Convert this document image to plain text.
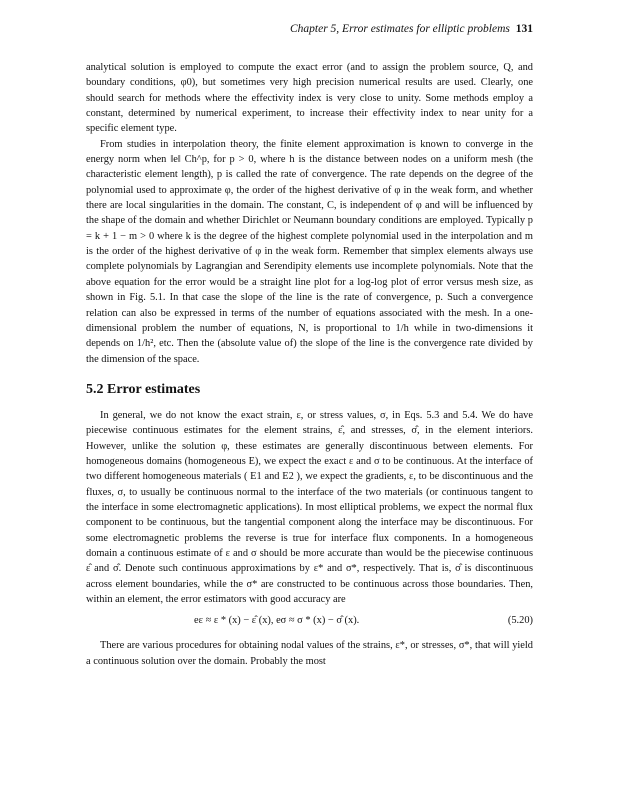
Chapter 5, Error estimates for elliptic problems 131

analytical solution is employed to compute the exact error (and to assign the problem source, Q, and boundary conditions, φ0), but sometimes very high precision numerical results are used. Clearly, one should search for methods where the effectivity index is very close to unity. Some methods employ a constant, determined by numerical experiment, to increase their effectivity index to near unity for a specific element type.

From studies in interpolation theory, the finite element approximation is known to converge in the energy norm when ‖e‖ Ch^p, for p > 0, where h is the distance between nodes on a uniform mesh (the characteristic element length), p is called the rate of convergence. The rate depends on the degree of the polynomial used to approximate φ, the order of the highest derivative of φ in the weak form, and whether there are local singularities in the domain. The constant, C, is independent of φ and will be influenced by the shape of the domain and whether Dirichlet or Neumann boundary conditions are employed. Typically p = k + 1 − m > 0 where k is the degree of the highest complete polynomial used in the interpolation and m is the order of the highest derivative of φ in the weak form. Remember that simplex elements always use complete polynomials by Lagrangian and Serendipity elements use incomplete polynomials. Note that the above equation for the error would be a straight line plot for a log-log plot of error versus mesh size, as shown in Fig. 5.1. In that case the slope of the line is the rate of convergence, p. Such a convergence relation can also be expressed in terms of the number of equations associated with the mesh. In a one-dimensional problem the number of equations, N, is proportional to 1/h while in two-dimensions it depends on 1/h², etc. Then the (absolute value of) the slope of the line is the convergence rate divided by the dimension of the space.

5.2 Error estimates

In general, we do not know the exact strain, ε, or stress values, σ, in Eqs. 5.3 and 5.4. We do have piecewise continuous estimates for the element strains, ε̂, and stresses, σ̂, in the element interiors. However, unlike the solution φ, these estimates are generally discontinuous between elements. For homogeneous domains (homogeneous E), we expect the exact ε and σ to be continuous. At the interface of two different homogeneous materials ( E1 and E2 ), we expect the gradients, ε, to be discontinuous and the fluxes, σ, to usually be continuous normal to the interface of the two materials (or continuous tangent to the interface in some electromagnetic applications). In most elliptical problems, we expect the normal flux component to be continuous, but the tangential component along the interface may be discontinuous. For some electromagnetic problems the reverse is true for interface flux components. In a homogeneous domain a continuous estimate of ε and σ should be more accurate than would be the piecewise continuous ε̂ and σ̂. Denote such continuous approximations by ε* and σ*, respectively. That is, σ̂ is discontinuous across element boundaries, while the σ* are constructed to be continuous across those boundaries. Then, within an element, the error estimators with good accuracy are

eε ≈ ε * (x) − ε̂ (x), eσ ≈ σ * (x) − σ̂ (x).	(5.20)

There are various procedures for obtaining nodal values of the strains, ε*, or stresses, σ*, that will yield a continuous solution over the domain. Probably the most
